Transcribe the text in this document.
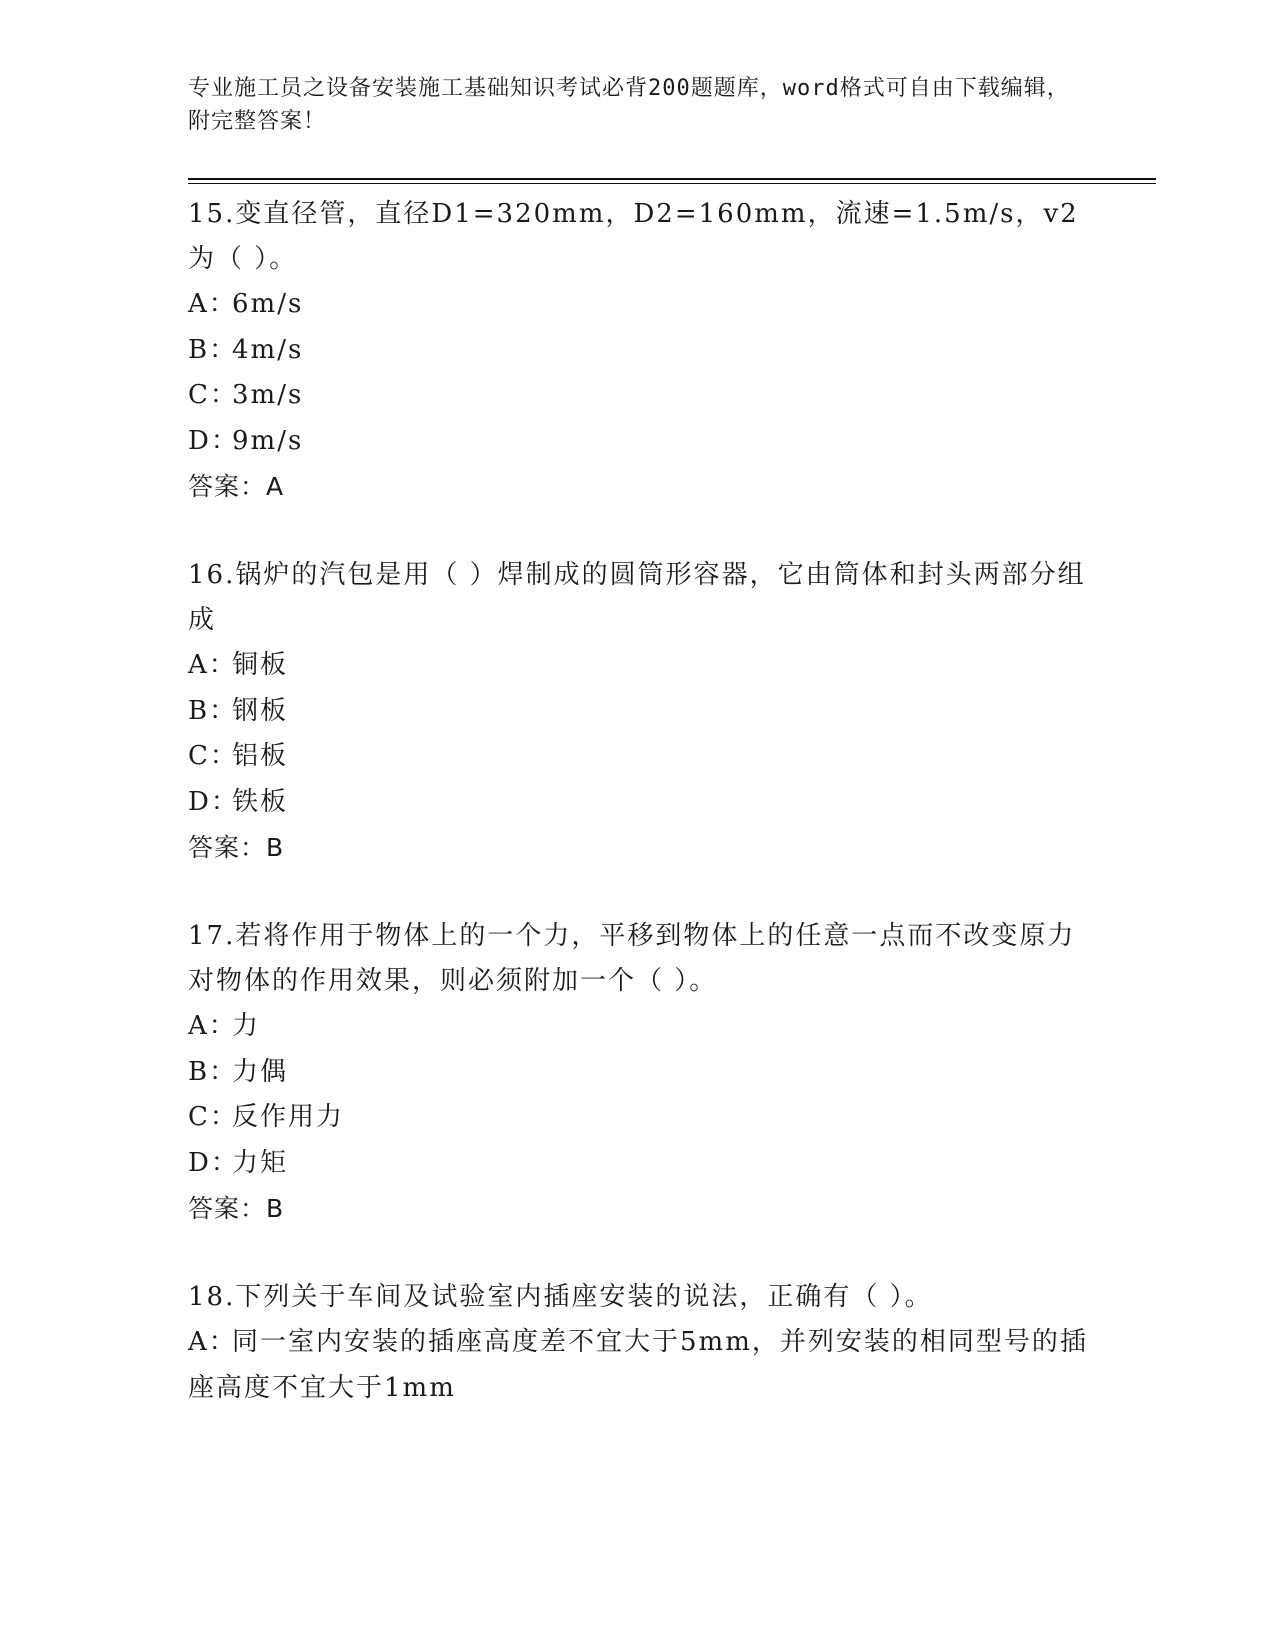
专业施工员之设备安装施工基础知识考试必背200题题库，word格式可自由下载编辑，附完整答案！

15.变直径管，直径D1=320mm，D2=160mm，流速=1.5m/s，v2为（ ）。

A：6m/s
B：4m/s
C：3m/s
D：9m/s
答案：A

16.锅炉的汽包是用（ ）焊制成的圆筒形容器，它由筒体和封头两部分组成

A：铜板
B：钢板
C：铝板
D：铁板
答案：B

17.若将作用于物体上的一个力，平移到物体上的任意一点而不改变原力对物体的作用效果，则必须附加一个（ ）。

A：力
B：力偶
C：反作用力
D：力矩
答案：B

18.下列关于车间及试验室内插座安装的说法，正确有（ ）。

A：同一室内安装的插座高度差不宜大于5mm，并列安装的相同型号的插座高度不宜大于1mm
